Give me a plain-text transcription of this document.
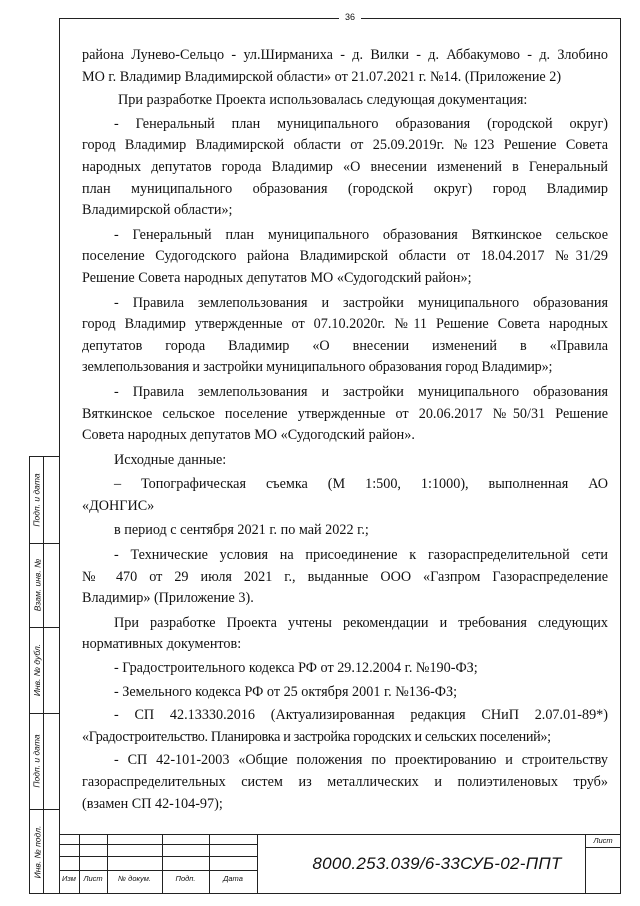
36

района Лунево-Сельцо - ул.Ширманиха - д. Вилки - д. Аббакумово - д. Злобино

МО г. Владимир Владимирской области» от 21.07.2021 г. №14. (Приложение 2)

При разработке Проекта использовалась следующая документация:

- Генеральный план муниципального образования (городской округ)

город Владимир Владимирской области от 25.09.2019г. №123 Решение Совета

народных депутатов города Владимир «О внесении изменений в Генеральный

план муниципального образования (городской округ) город Владимир

Владимирской области»;

- Генеральный план муниципального образования Вяткинское сельское

поселение Судогодского района Владимирской области от 18.04.2017 №31/29

Решение Совета народных депутатов МО «Судогодский район»;

- Правила землепользования и застройки муниципального образования

город Владимир утвержденные от 07.10.2020г. №11 Решение Совета народных

депутатов города Владимир «О внесении изменений в «Правила

землепользования и застройки муниципального образования город Владимир»;

- Правила землепользования и застройки муниципального образования

Вяткинское сельское поселение утвержденные от 20.06.2017 №50/31 Решение

Совета народных депутатов МО «Судогодский район».

Исходные данные:

– Топографическая съемка (М 1:500, 1:1000), выполненная АО

«ДОНГИС»

в период с сентября 2021 г. по май 2022 г.;

- Технические условия на присоединение к газораспределительной сети

№ 470 от 29 июля 2021 г., выданные ООО «Газпром Газораспределение

Владимир» (Приложение 3).

При разработке Проекта учтены рекомендации и требования следующих

нормативных документов:

- Градостроительного кодекса РФ от 29.12.2004 г. №190-ФЗ;

- Земельного кодекса РФ от 25 октября 2001 г. №136-ФЗ;

- СП 42.13330.2016 (Актуализированная редакция СНиП 2.07.01-89*)

«Градостроительство. Планировка и застройка городских и сельских поселений»;

- СП 42-101-2003 «Общие положения по проектированию и строительству

газораспределительных систем из металлических и полиэтиленовых труб»

(взамен СП 42-104-97);

Подп. и дата
Взам. инв. №
Инв. № дубл.
Подп. и дата
Инв. № подл.
Изм Лист	№ докум.	Подп.	Дата
8000.253.039/6-33СУБ-02-ППТ
Лист
